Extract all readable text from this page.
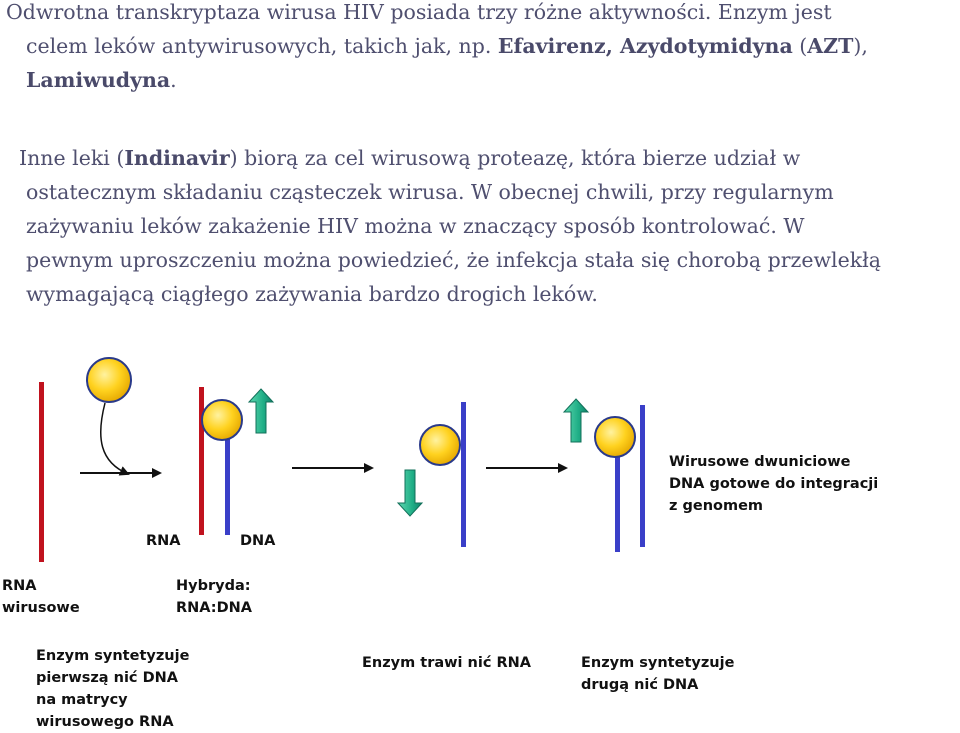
Odwrotna transkryptaza wirusa HIV posiada trzy różne aktywności. Enzym jest
celem leków antywirusowych, takich jak, np. Efavirenz, Azydotymidyna (AZT),
Lamiwudyna.

Inne leki (Indinavir) biorą za cel wirusową proteazę, która bierze udział w
ostatecznym składaniu cząsteczek wirusa. W obecnej chwili, przy regularnym
zażywaniu leków zakażenie HIV można w znaczący sposób kontrolować. W
pewnym uproszczeniu można powiedzieć, że infekcja stała się chorobą przewlekłą
wymagającą ciągłego zażywania bardzo drogich leków.

RNA	DNA

RNA
wirusowe

Hybryda:
RNA:DNA

Enzym syntetyzuje
pierwszą nić DNA
na matrycy
wirusowego RNA

Enzym trawi nić RNA	Enzym syntetyzuje
drugą nić DNA

Wirusowe dwuniciowe
DNA gotowe do integracji
z genomem
